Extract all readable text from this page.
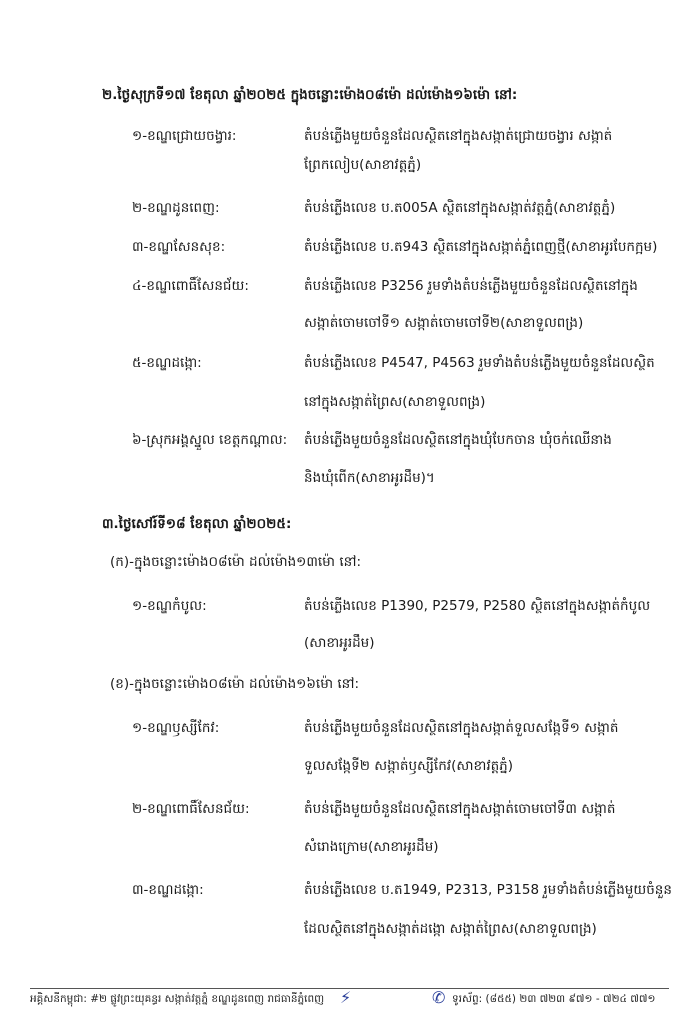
២.ថ្ងៃសុក្រទី១៧ ខែតុលា ឆ្នាំ២០២៥ ក្នុងចន្លោះម៉ោង០៨ម៉ោ ដល់ម៉ោង១៦ម៉ោ នៅ:
១-ខណ្ឌជ្រោយចង្វារ:	តំបន់ភ្លើងមួយចំនួនដែលស្ថិតនៅក្នុងសង្កាត់ជ្រោយចង្វារ សង្កាត់
ព្រែកលៀប(សាខាវត្តភ្នំ)
២-ខណ្ឌដូនពេញ:	តំបន់ភ្លើងលេខ ប.ត005A ស្ថិតនៅក្នុងសង្កាត់វត្តភ្នំ(សាខាវត្តភ្នំ)
៣-ខណ្ឌសែនសុខ:	តំបន់ភ្លើងលេខ ប.ត943 ស្ថិតនៅក្នុងសង្កាត់ភ្នំពេញថ្មី(សាខាអូរបែកក្អម)
៤-ខណ្ឌពោធិ៍សែនជ័យ:	តំបន់ភ្លើងលេខ P3256 រួមទាំងតំបន់ភ្លើងមួយចំនួនដែលស្ថិតនៅក្នុង
សង្កាត់ចោមចៅទី១ សង្កាត់ចោមចៅទី២(សាខាទួលពង្រ)
៥-ខណ្ឌដង្កោ:	តំបន់ភ្លើងលេខ P4547, P4563 រួមទាំងតំបន់ភ្លើងមួយចំនួនដែលស្ថិត
នៅក្នុងសង្កាត់ព្រៃស(សាខាទួលពង្រ)
៦-ស្រុកអង្គស្នួល ខេត្តកណ្តាល: តំបន់ភ្លើងមួយចំនួនដែលស្ថិតនៅក្នុងឃុំបែកចាន ឃុំចក់ឈើនាង
និងឃុំពើក(សាខាអូរដឹម)។
៣.ថ្ងៃសៅរ៍ទី១៨ ខែតុលា ឆ្នាំ២០២៥:
(ក)-ក្នុងចន្លោះម៉ោង០៨ម៉ោ ដល់ម៉ោង១៣ម៉ោ នៅ:
១-ខណ្ឌកំបូល:	តំបន់ភ្លើងលេខ P1390, P2579, P2580 ស្ថិតនៅក្នុងសង្កាត់កំបូល
(សាខាអូរដឹម)
(ខ)-ក្នុងចន្លោះម៉ោង០៨ម៉ោ ដល់ម៉ោង១៦ម៉ោ នៅ:
១-ខណ្ឌឫស្សីកែវ:	តំបន់ភ្លើងមួយចំនួនដែលស្ថិតនៅក្នុងសង្កាត់ទួលសង្កែទី១ សង្កាត់
ទួលសង្កែទី២ សង្កាត់ឫស្សីកែវ(សាខាវត្តភ្នំ)
២-ខណ្ឌពោធិ៍សែនជ័យ:	តំបន់ភ្លើងមួយចំនួនដែលស្ថិតនៅក្នុងសង្កាត់ចោមចៅទី៣ សង្កាត់
សំរោងក្រោម(សាខាអូរដឹម)
៣-ខណ្ឌដង្កោ:	តំបន់ភ្លើងលេខ ប.ត1949, P2313, P3158 រួមទាំងតំបន់ភ្លើងមួយចំនួន
ដែលស្ថិតនៅក្នុងសង្កាត់ដង្កោ សង្កាត់ព្រៃស(សាខាទួលពង្រ)
អគ្គិសនីកម្ពុជា: #២ ផ្លូវព្រះយុគន្ធរ សង្កាត់វត្តភ្នំ ខណ្ឌដូនពេញ រាជធានីភ្នំពេញ ⚡	✆ ទូរស័ព្ទ: (៨៥៥) ២៣ ៧២៣ ៩៧១ - ៧២៤ ៧៧១
